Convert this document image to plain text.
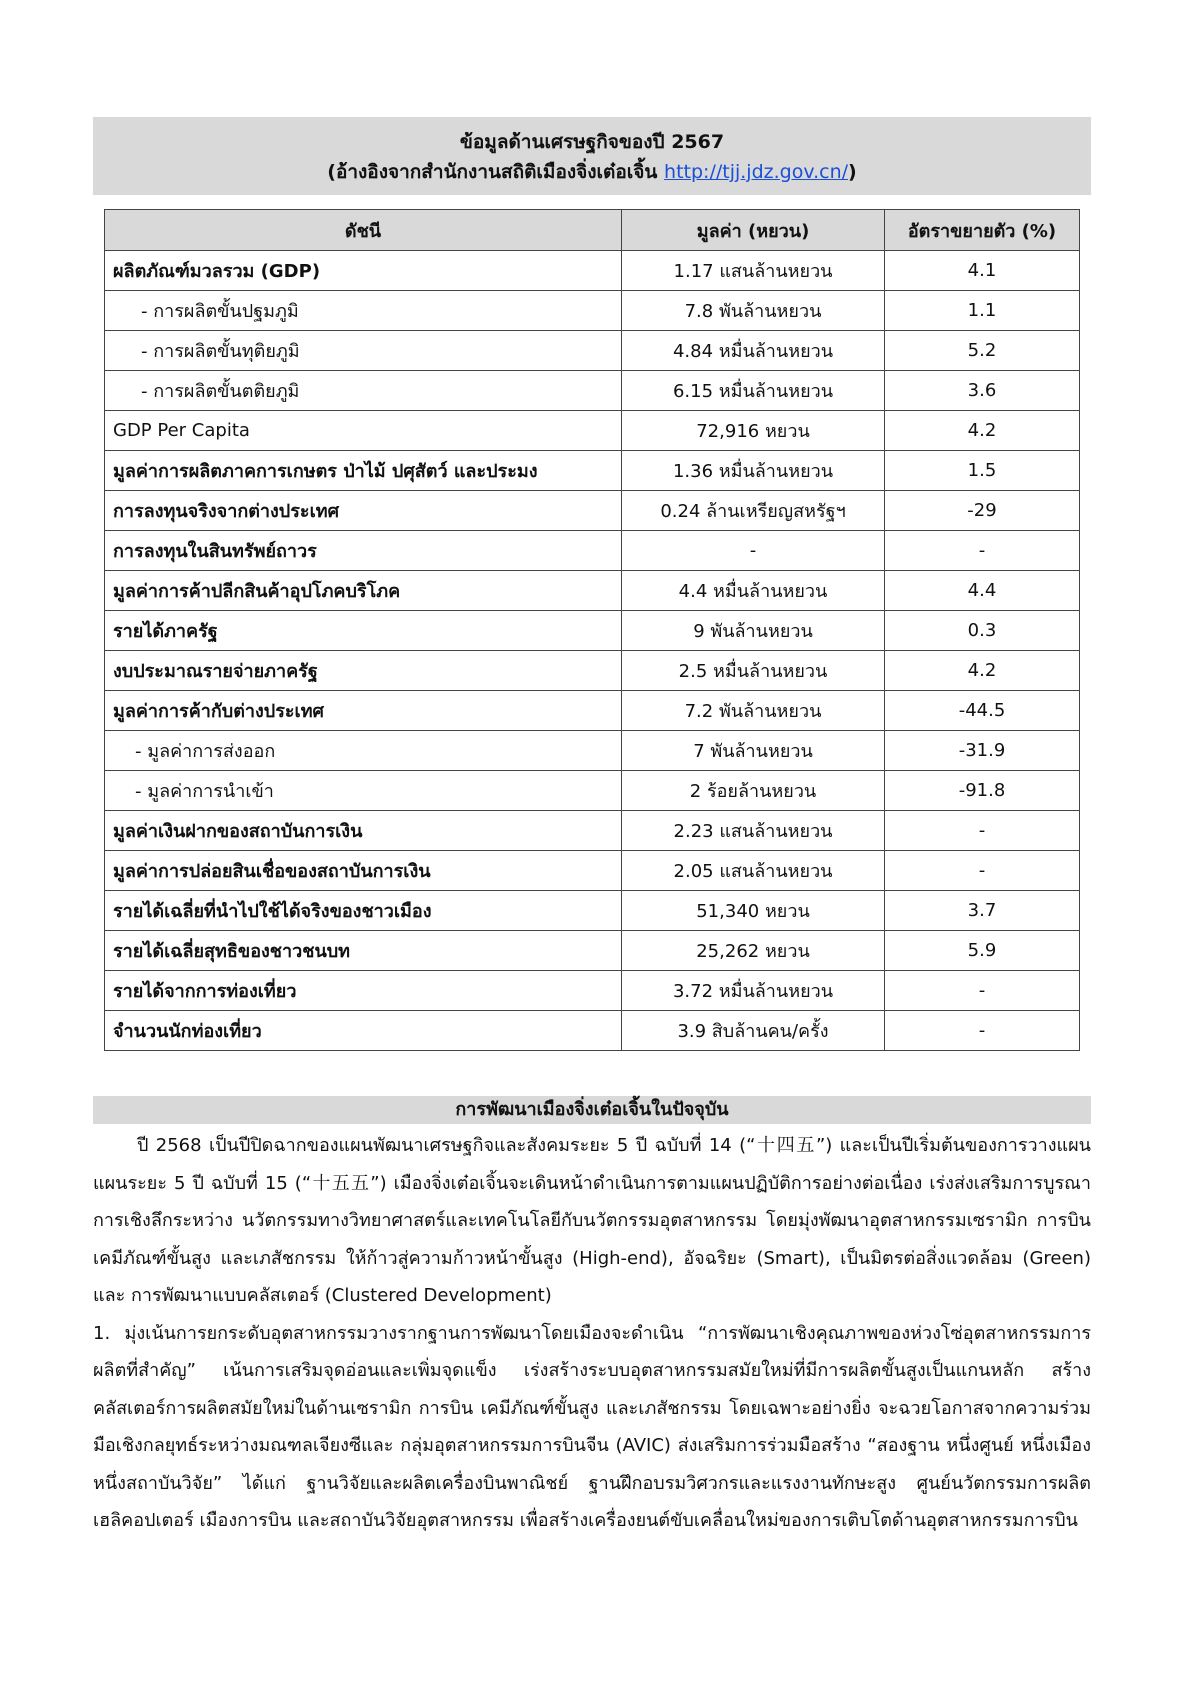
ข้อมูลด้านเศรษฐกิจของปี 2567
(อ้างอิงจากสำนักงานสถิติเมืองจิ่งเต๋อเจิ้น http://tjj.jdz.gov.cn/)
ดัชนี	มูลค่า (หยวน)	อัตราขยายตัว (%)
ผลิตภัณฑ์มวลรวม (GDP)	1.17 แสนล้านหยวน	4.1
- การผลิตขั้นปฐมภูมิ	7.8 พันล้านหยวน	1.1
- การผลิตขั้นทุติยภูมิ	4.84 หมื่นล้านหยวน	5.2
- การผลิตขั้นตติยภูมิ	6.15 หมื่นล้านหยวน	3.6
GDP Per Capita	72,916 หยวน	4.2
มูลค่าการผลิตภาคการเกษตร ป่าไม้ ปศุสัตว์ และประมง	1.36 หมื่นล้านหยวน	1.5
การลงทุนจริงจากต่างประเทศ	0.24 ล้านเหรียญสหรัฐฯ	-29
การลงทุนในสินทรัพย์ถาวร	-	-
มูลค่าการค้าปลีกสินค้าอุปโภคบริโภค	4.4 หมื่นล้านหยวน	4.4
รายได้ภาครัฐ	9 พันล้านหยวน	0.3
งบประมาณรายจ่ายภาครัฐ	2.5 หมื่นล้านหยวน	4.2
มูลค่าการค้ากับต่างประเทศ	7.2 พันล้านหยวน	-44.5
- มูลค่าการส่งออก	7 พันล้านหยวน	-31.9
- มูลค่าการนำเข้า	2 ร้อยล้านหยวน	-91.8
มูลค่าเงินฝากของสถาบันการเงิน	2.23 แสนล้านหยวน	-
มูลค่าการปล่อยสินเชื่อของสถาบันการเงิน	2.05 แสนล้านหยวน	-
รายได้เฉลี่ยที่นำไปใช้ได้จริงของชาวเมือง	51,340 หยวน	3.7
รายได้เฉลี่ยสุทธิของชาวชนบท	25,262 หยวน	5.9
รายได้จากการท่องเที่ยว	3.72 หมื่นล้านหยวน	-
จำนวนนักท่องเที่ยว	3.9 สิบล้านคน/ครั้ง	-
การพัฒนาเมืองจิ่งเต๋อเจิ้นในปัจจุบัน

ปี 2568 เป็นปีปิดฉากของแผนพัฒนาเศรษฐกิจและสังคมระยะ 5 ปี ฉบับที่ 14 (“十四五”) และเป็นปีเริ่มต้นของการวางแผนแผนระยะ 5 ปี ฉบับที่ 15 (“十五五”) เมืองจิ่งเต๋อเจิ้นจะเดินหน้าดำเนินการตามแผนปฏิบัติการอย่างต่อเนื่อง เร่งส่งเสริมการบูรณาการเชิงลึกระหว่าง นวัตกรรมทางวิทยาศาสตร์และเทคโนโลยีกับนวัตกรรมอุตสาหกรรม โดยมุ่งพัฒนาอุตสาหกรรมเซรามิก การบิน เคมีภัณฑ์ขั้นสูง และเภสัชกรรม ให้ก้าวสู่ความก้าวหน้าขั้นสูง (High-end), อัจฉริยะ (Smart), เป็นมิตรต่อสิ่งแวดล้อม (Green) และ การพัฒนาแบบคลัสเตอร์ (Clustered Development)

1. มุ่งเน้นการยกระดับอุตสาหกรรมวางรากฐานการพัฒนาโดยเมืองจะดำเนิน “การพัฒนาเชิงคุณภาพของห่วงโซ่อุตสาหกรรมการผลิตที่สำคัญ” เน้นการเสริมจุดอ่อนและเพิ่มจุดแข็ง เร่งสร้างระบบอุตสาหกรรมสมัยใหม่ที่มีการผลิตขั้นสูงเป็นแกนหลัก สร้างคลัสเตอร์การผลิตสมัยใหม่ในด้านเซรามิก การบิน เคมีภัณฑ์ขั้นสูง และเภสัชกรรม โดยเฉพาะอย่างยิ่ง จะฉวยโอกาสจากความร่วมมือเชิงกลยุทธ์ระหว่างมณฑลเจียงซีและ กลุ่มอุตสาหกรรมการบินจีน (AVIC) ส่งเสริมการร่วมมือสร้าง “สองฐาน หนึ่งศูนย์ หนึ่งเมือง หนึ่งสถาบันวิจัย” ได้แก่ ฐานวิจัยและผลิตเครื่องบินพาณิชย์ ฐานฝึกอบรมวิศวกรและแรงงานทักษะสูง ศูนย์นวัตกรรมการผลิตเฮลิคอปเตอร์ เมืองการบิน และสถาบันวิจัยอุตสาหกรรม เพื่อสร้างเครื่องยนต์ขับเคลื่อนใหม่ของการเติบโตด้านอุตสาหกรรมการบิน
